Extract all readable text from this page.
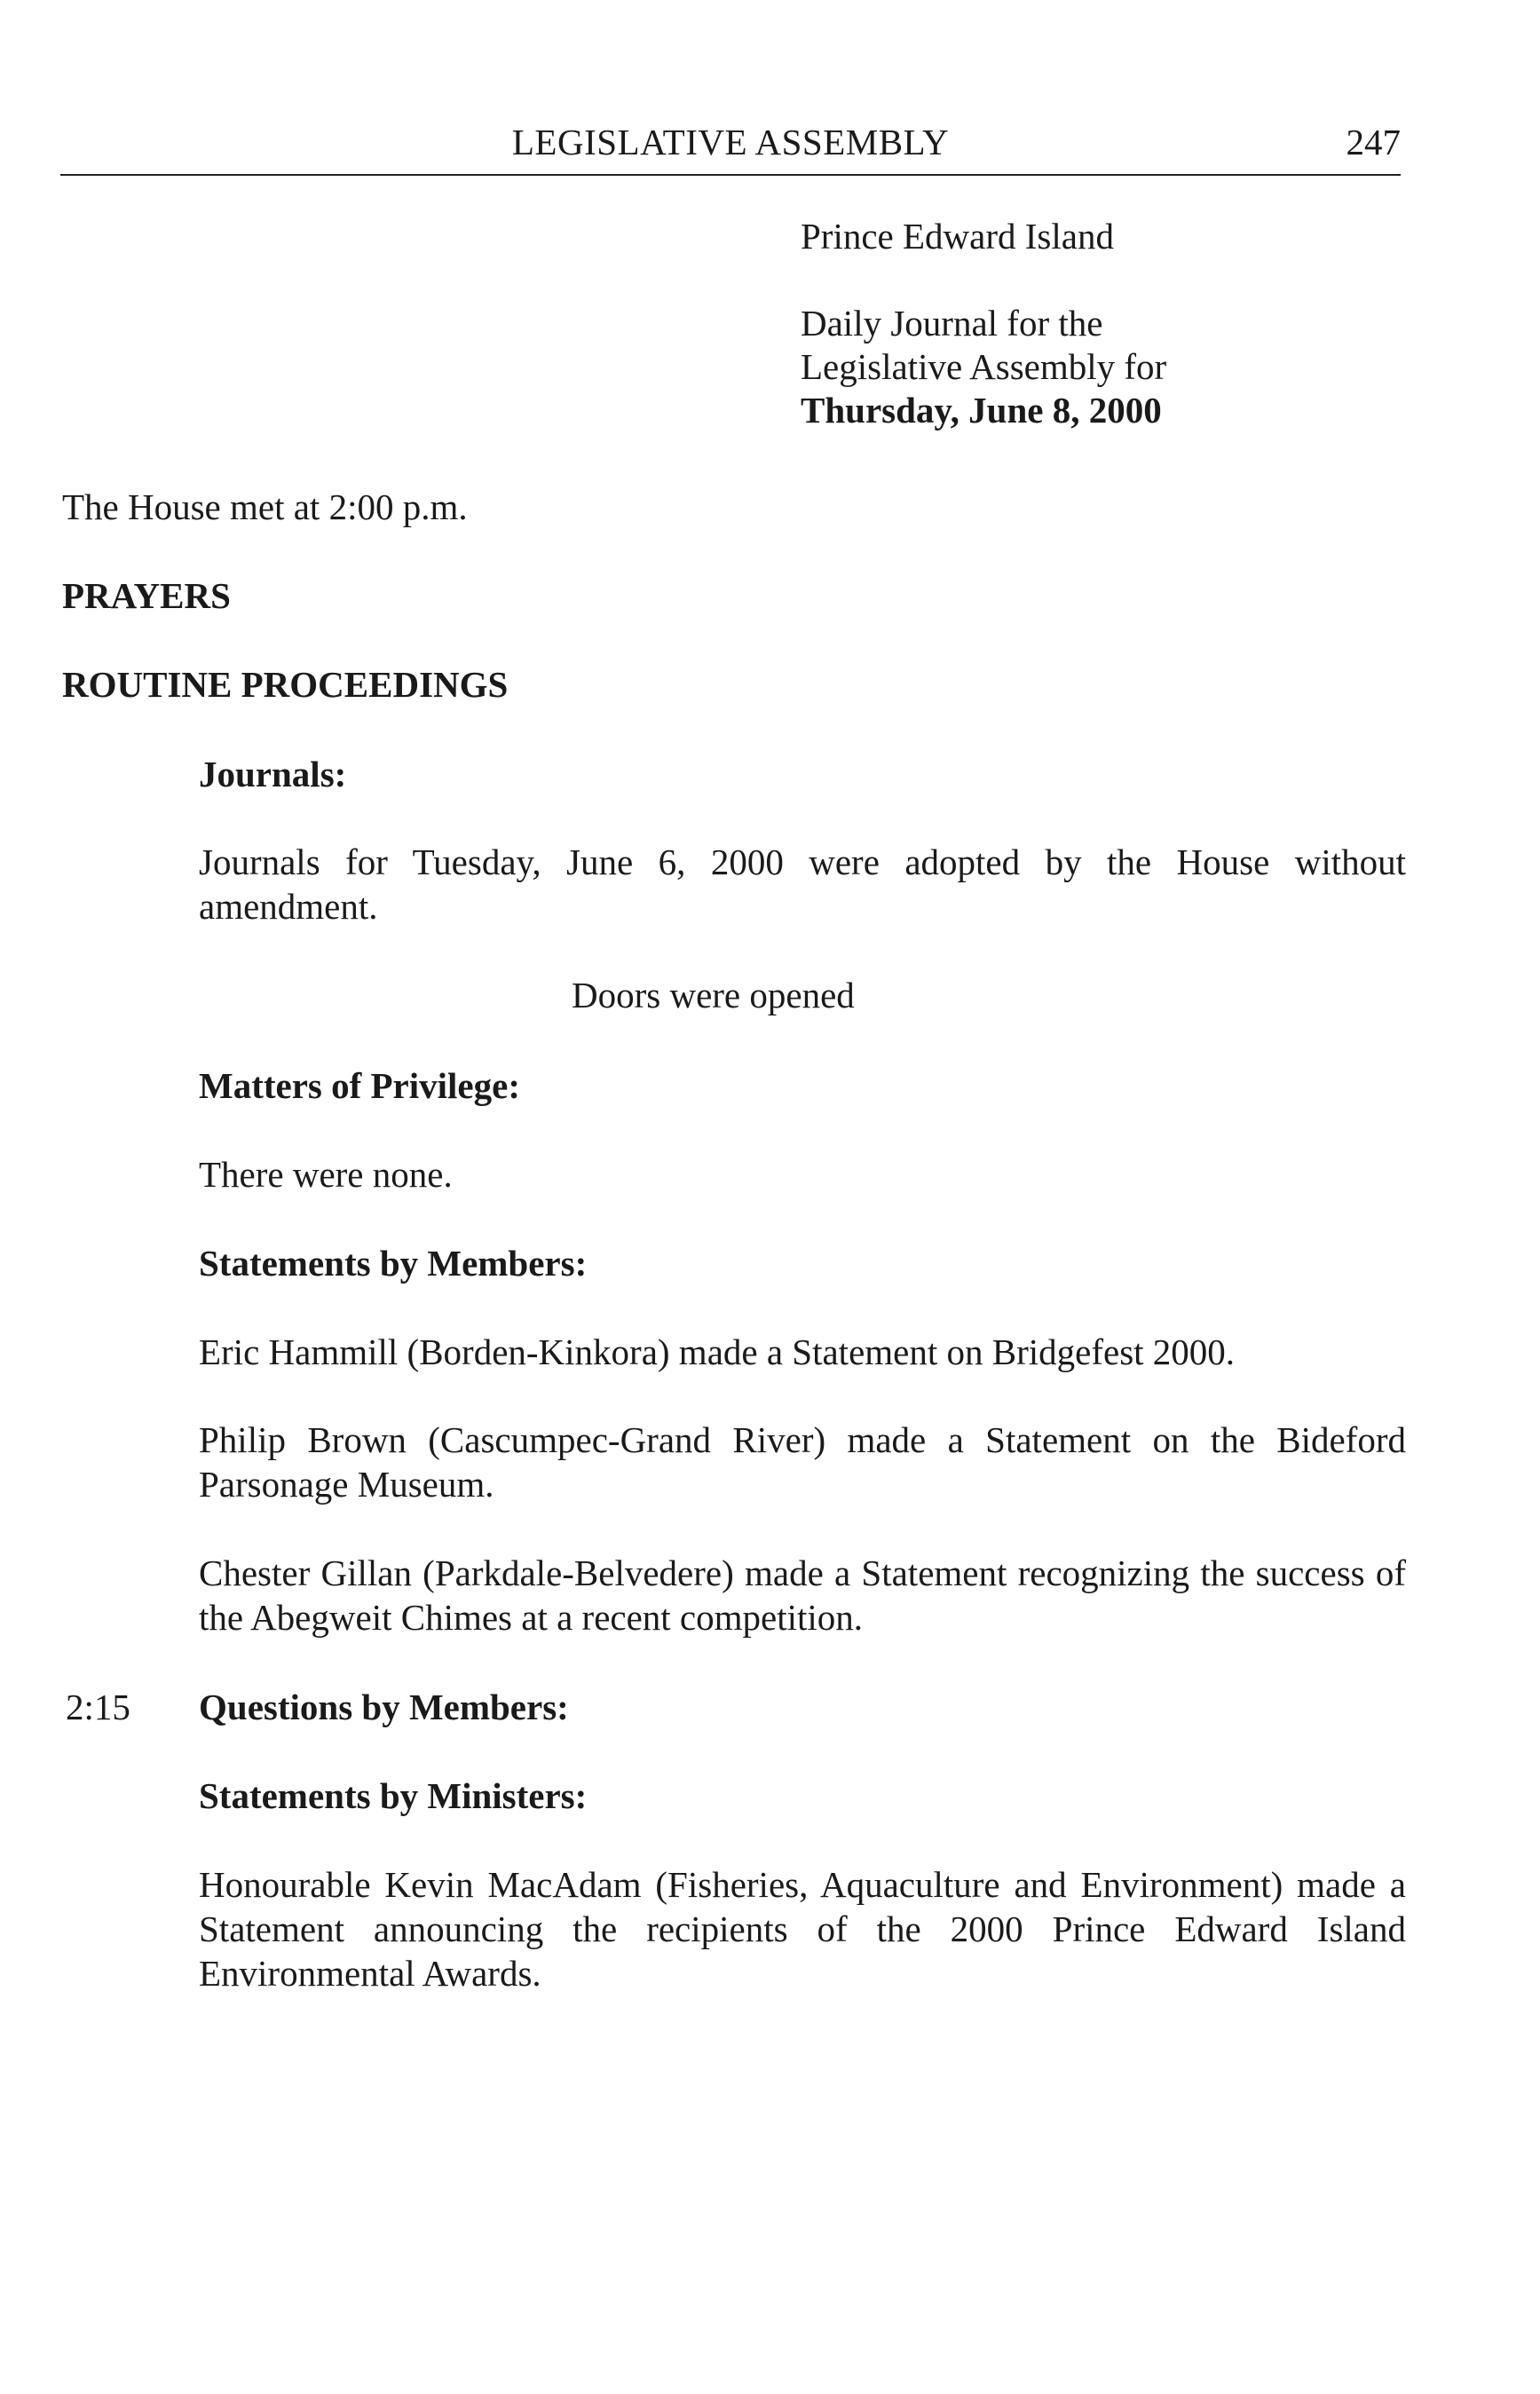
LEGISLATIVE ASSEMBLY	247
Prince Edward Island
Daily Journal for the
Legislative Assembly for
Thursday, June 8, 2000
The House met at 2:00 p.m.
PRAYERS
ROUTINE PROCEEDINGS
Journals:
Journals for Tuesday, June 6, 2000 were adopted by the House without amendment.
Doors were opened
Matters of Privilege:
There were none.
Statements by Members:
Eric Hammill (Borden-Kinkora) made a Statement on Bridgefest 2000.
Philip Brown (Cascumpec-Grand River) made a Statement on the Bideford Parsonage Museum.
Chester Gillan (Parkdale-Belvedere) made a Statement recognizing the success of the Abegweit Chimes at a recent competition.
2:15 Questions by Members:
Statements by Ministers:
Honourable Kevin MacAdam (Fisheries, Aquaculture and Environment) made a Statement announcing the recipients of the 2000 Prince Edward Island Environmental Awards.
